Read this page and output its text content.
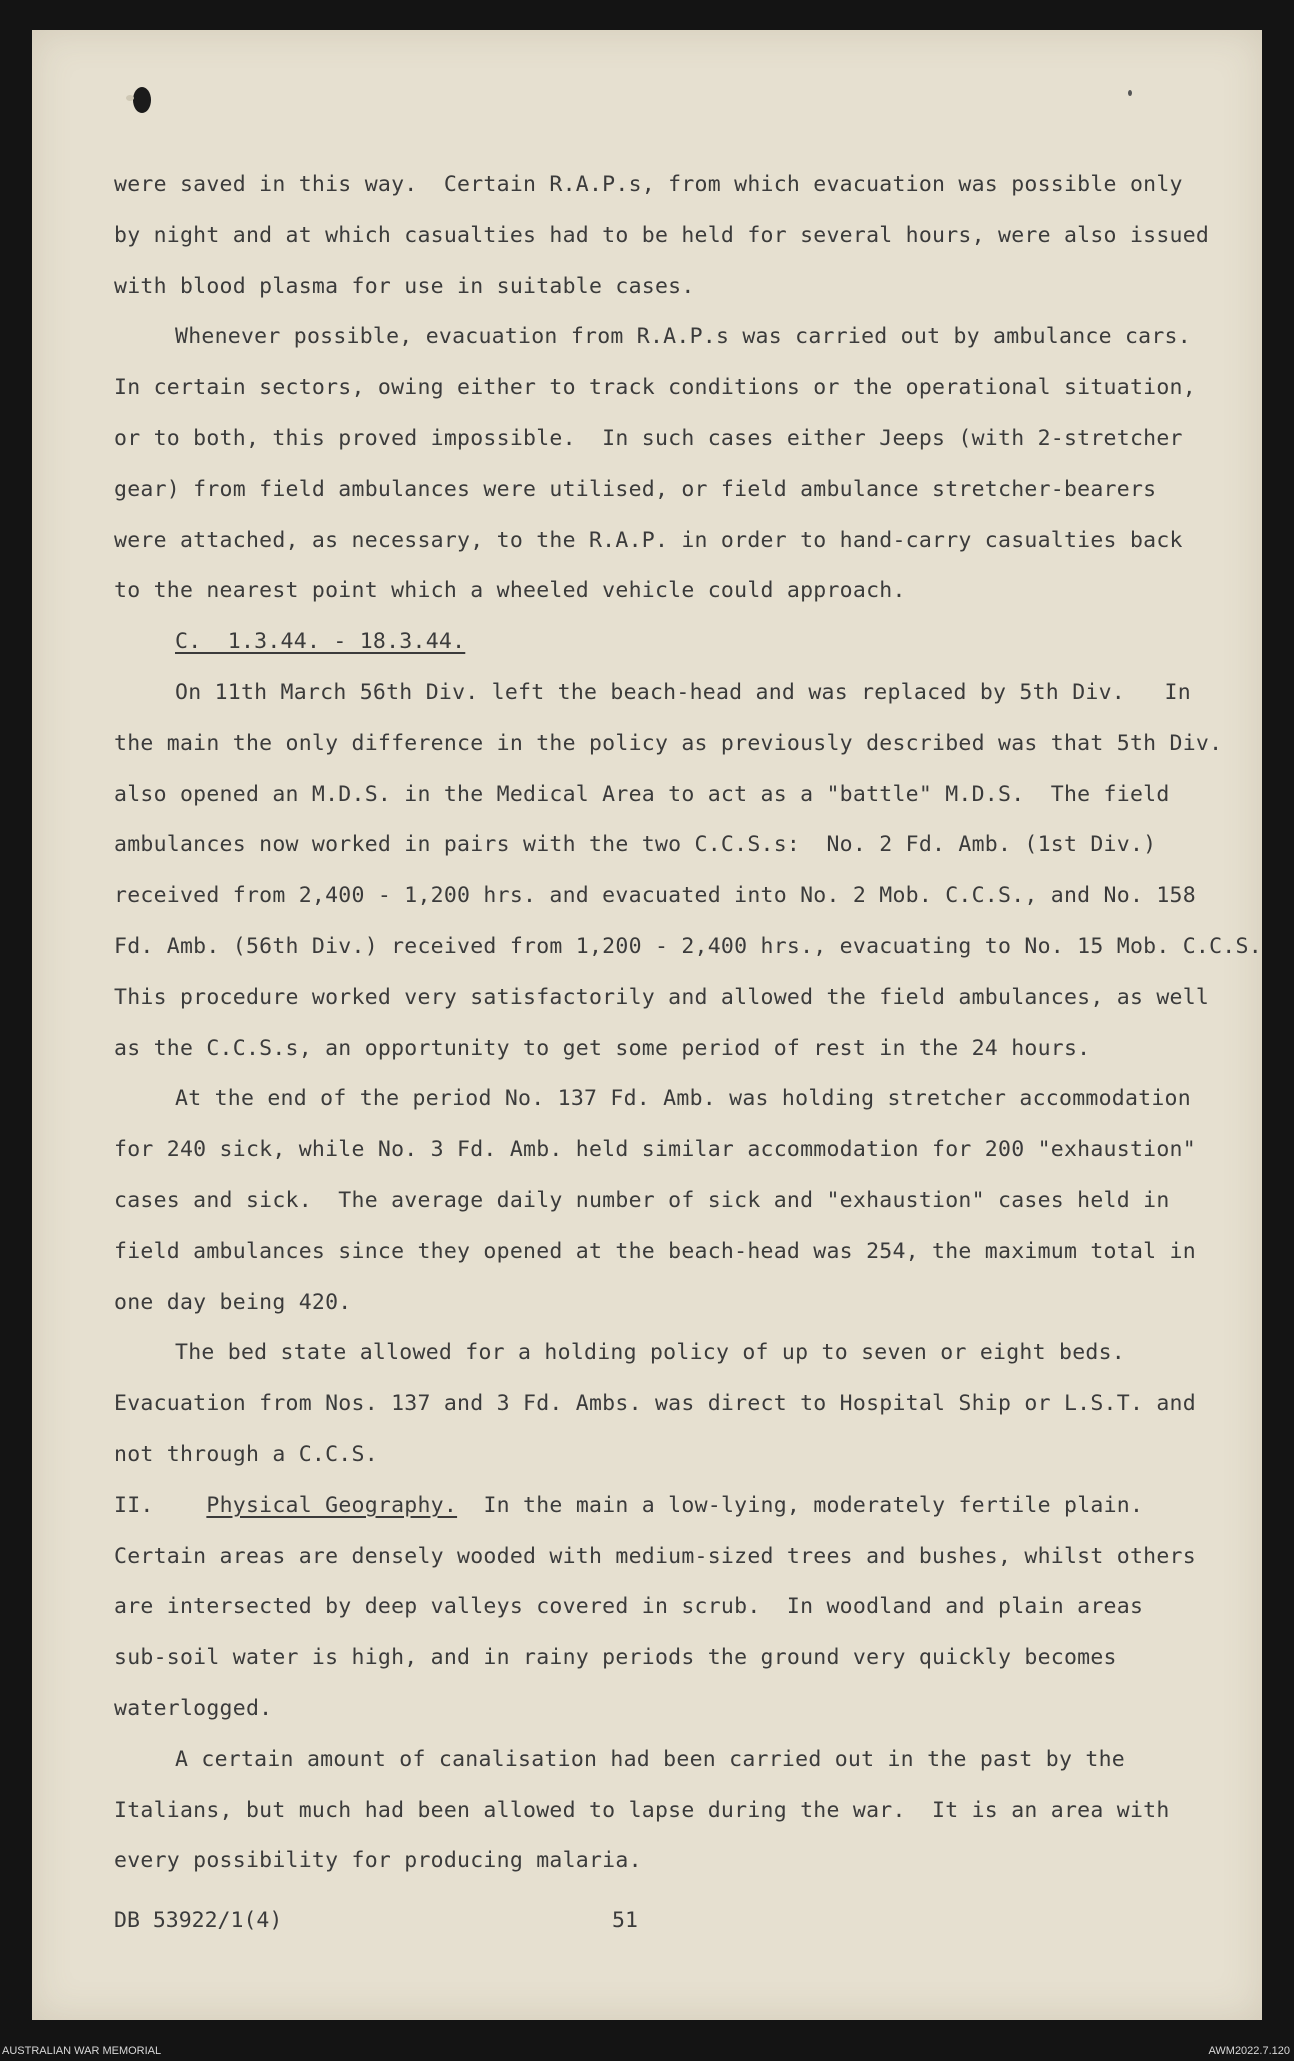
were saved in this way.  Certain R.A.P.s, from which evacuation was possible only
by night and at which casualties had to be held for several hours, were also issued
with blood plasma for use in suitable cases.
Whenever possible, evacuation from R.A.P.s was carried out by ambulance cars.
In certain sectors, owing either to track conditions or the operational situation,
or to both, this proved impossible.  In such cases either Jeeps (with 2-stretcher
gear) from field ambulances were utilised, or field ambulance stretcher-bearers
were attached, as necessary, to the R.A.P. in order to hand-carry casualties back
to the nearest point which a wheeled vehicle could approach.
C.  1.3.44. - 18.3.44.
On 11th March 56th Div. left the beach-head and was replaced by 5th Div.   In
the main the only difference in the policy as previously described was that 5th Div.
also opened an M.D.S. in the Medical Area to act as a "battle" M.D.S.  The field
ambulances now worked in pairs with the two C.C.S.s:  No. 2 Fd. Amb. (1st Div.)
received from 2,400 - 1,200 hrs. and evacuated into No. 2 Mob. C.C.S., and No. 158
Fd. Amb. (56th Div.) received from 1,200 - 2,400 hrs., evacuating to No. 15 Mob. C.C.S.
This procedure worked very satisfactorily and allowed the field ambulances, as well
as the C.C.S.s, an opportunity to get some period of rest in the 24 hours.
At the end of the period No. 137 Fd. Amb. was holding stretcher accommodation
for 240 sick, while No. 3 Fd. Amb. held similar accommodation for 200 "exhaustion"
cases and sick.  The average daily number of sick and "exhaustion" cases held in
field ambulances since they opened at the beach-head was 254, the maximum total in
one day being 420.
The bed state allowed for a holding policy of up to seven or eight beds.
Evacuation from Nos. 137 and 3 Fd. Ambs. was direct to Hospital Ship or L.S.T. and
not through a C.C.S.
II. Physical Geography.  In the main a low-lying, moderately fertile plain.
Certain areas are densely wooded with medium-sized trees and bushes, whilst others
are intersected by deep valleys covered in scrub.  In woodland and plain areas
sub-soil water is high, and in rainy periods the ground very quickly becomes
waterlogged.
A certain amount of canalisation had been carried out in the past by the
Italians, but much had been allowed to lapse during the war.  It is an area with
every possibility for producing malaria.
DB 53922/1(4)	51
AUSTRALIAN WAR MEMORIAL	AWM2022.7.120
